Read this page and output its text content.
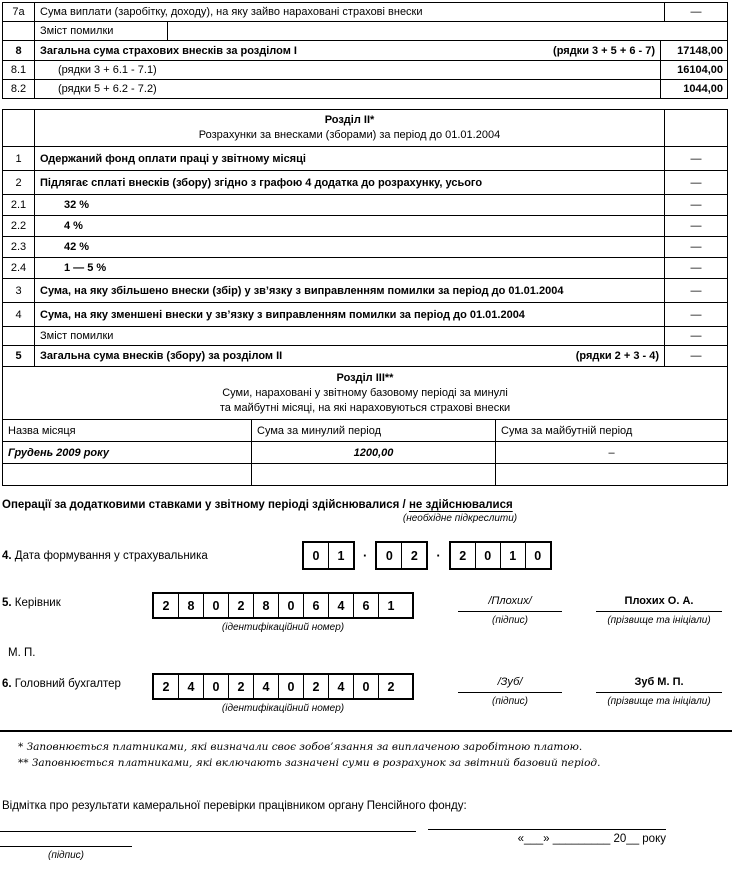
7а	Сума виплати (заробітку, доходу), на яку зайво нараховані страхові внески	—
Зміст помилки
8	Загальна сума страхових внесків за розділом I	(рядки 3 + 5 + 6 - 7)	17148,00
8.1	(рядки 3 + 6.1 - 7.1)	16104,00
8.2	(рядки 5 + 6.2 - 7.2)	1044,00
Розділ II*
Розрахунки за внесками (зборами) за період до 01.01.2004
1	Одержаний фонд оплати праці у звітному місяці	—
2	Підлягає сплаті внесків (збору) згідно з графою 4 додатка до розрахунку, усього	—
2.1	32 %	—
2.2	4 %	—
2.3	42 %	—
2.4	1 — 5 %	—
3	Сума, на яку збільшено внески (збір) у зв’язку з виправленням помилки за період до 01.01.2004	—
4	Сума, на яку зменшені внески у зв’язку з виправленням помилки за період до 01.01.2004	—
Зміст помилки	—
5	Загальна сума внесків (збору) за розділом II	(рядки 2 + 3 - 4)	—
Розділ III**
Суми, нараховані у звітному базовому періоді за минулі
та майбутні місяці, на які нараховуються страхові внески
Назва місяця	Сума за минулий період	Сума за майбутній період
Грудень 2009 року	1200,00	–
Операції за додатковими ставками у звітному періоді здійснювалися / не здійснювалися
(необхідне підкреслити)
4. Дата формування у страхувальника	0	1	·	0	2	·	2	0	1	0
5. Керівник	2	8	0	2	8	0	6	4	6	1
(ідентифікаційний номер)
/Плохих/
(підпис)
Плохих О. А.
(прізвище та ініціали)
М. П.
6. Головний бухгалтер	2	4	0	2	4	0	2	4	0	2
(ідентифікаційний номер)
/Зуб/
(підпис)
Зуб М. П.
(прізвище та ініціали)
* Заповнюється платниками, які визначали своє зобов’язання за виплаченою заробітною платою.
** Заповнюється платниками, які включають зазначені суми в розрахунок за звітний базовий період.
Відмітка про результати камеральної перевірки працівником органу Пенсійного фонду:
«___» _________ 20__ року
(підпис)
